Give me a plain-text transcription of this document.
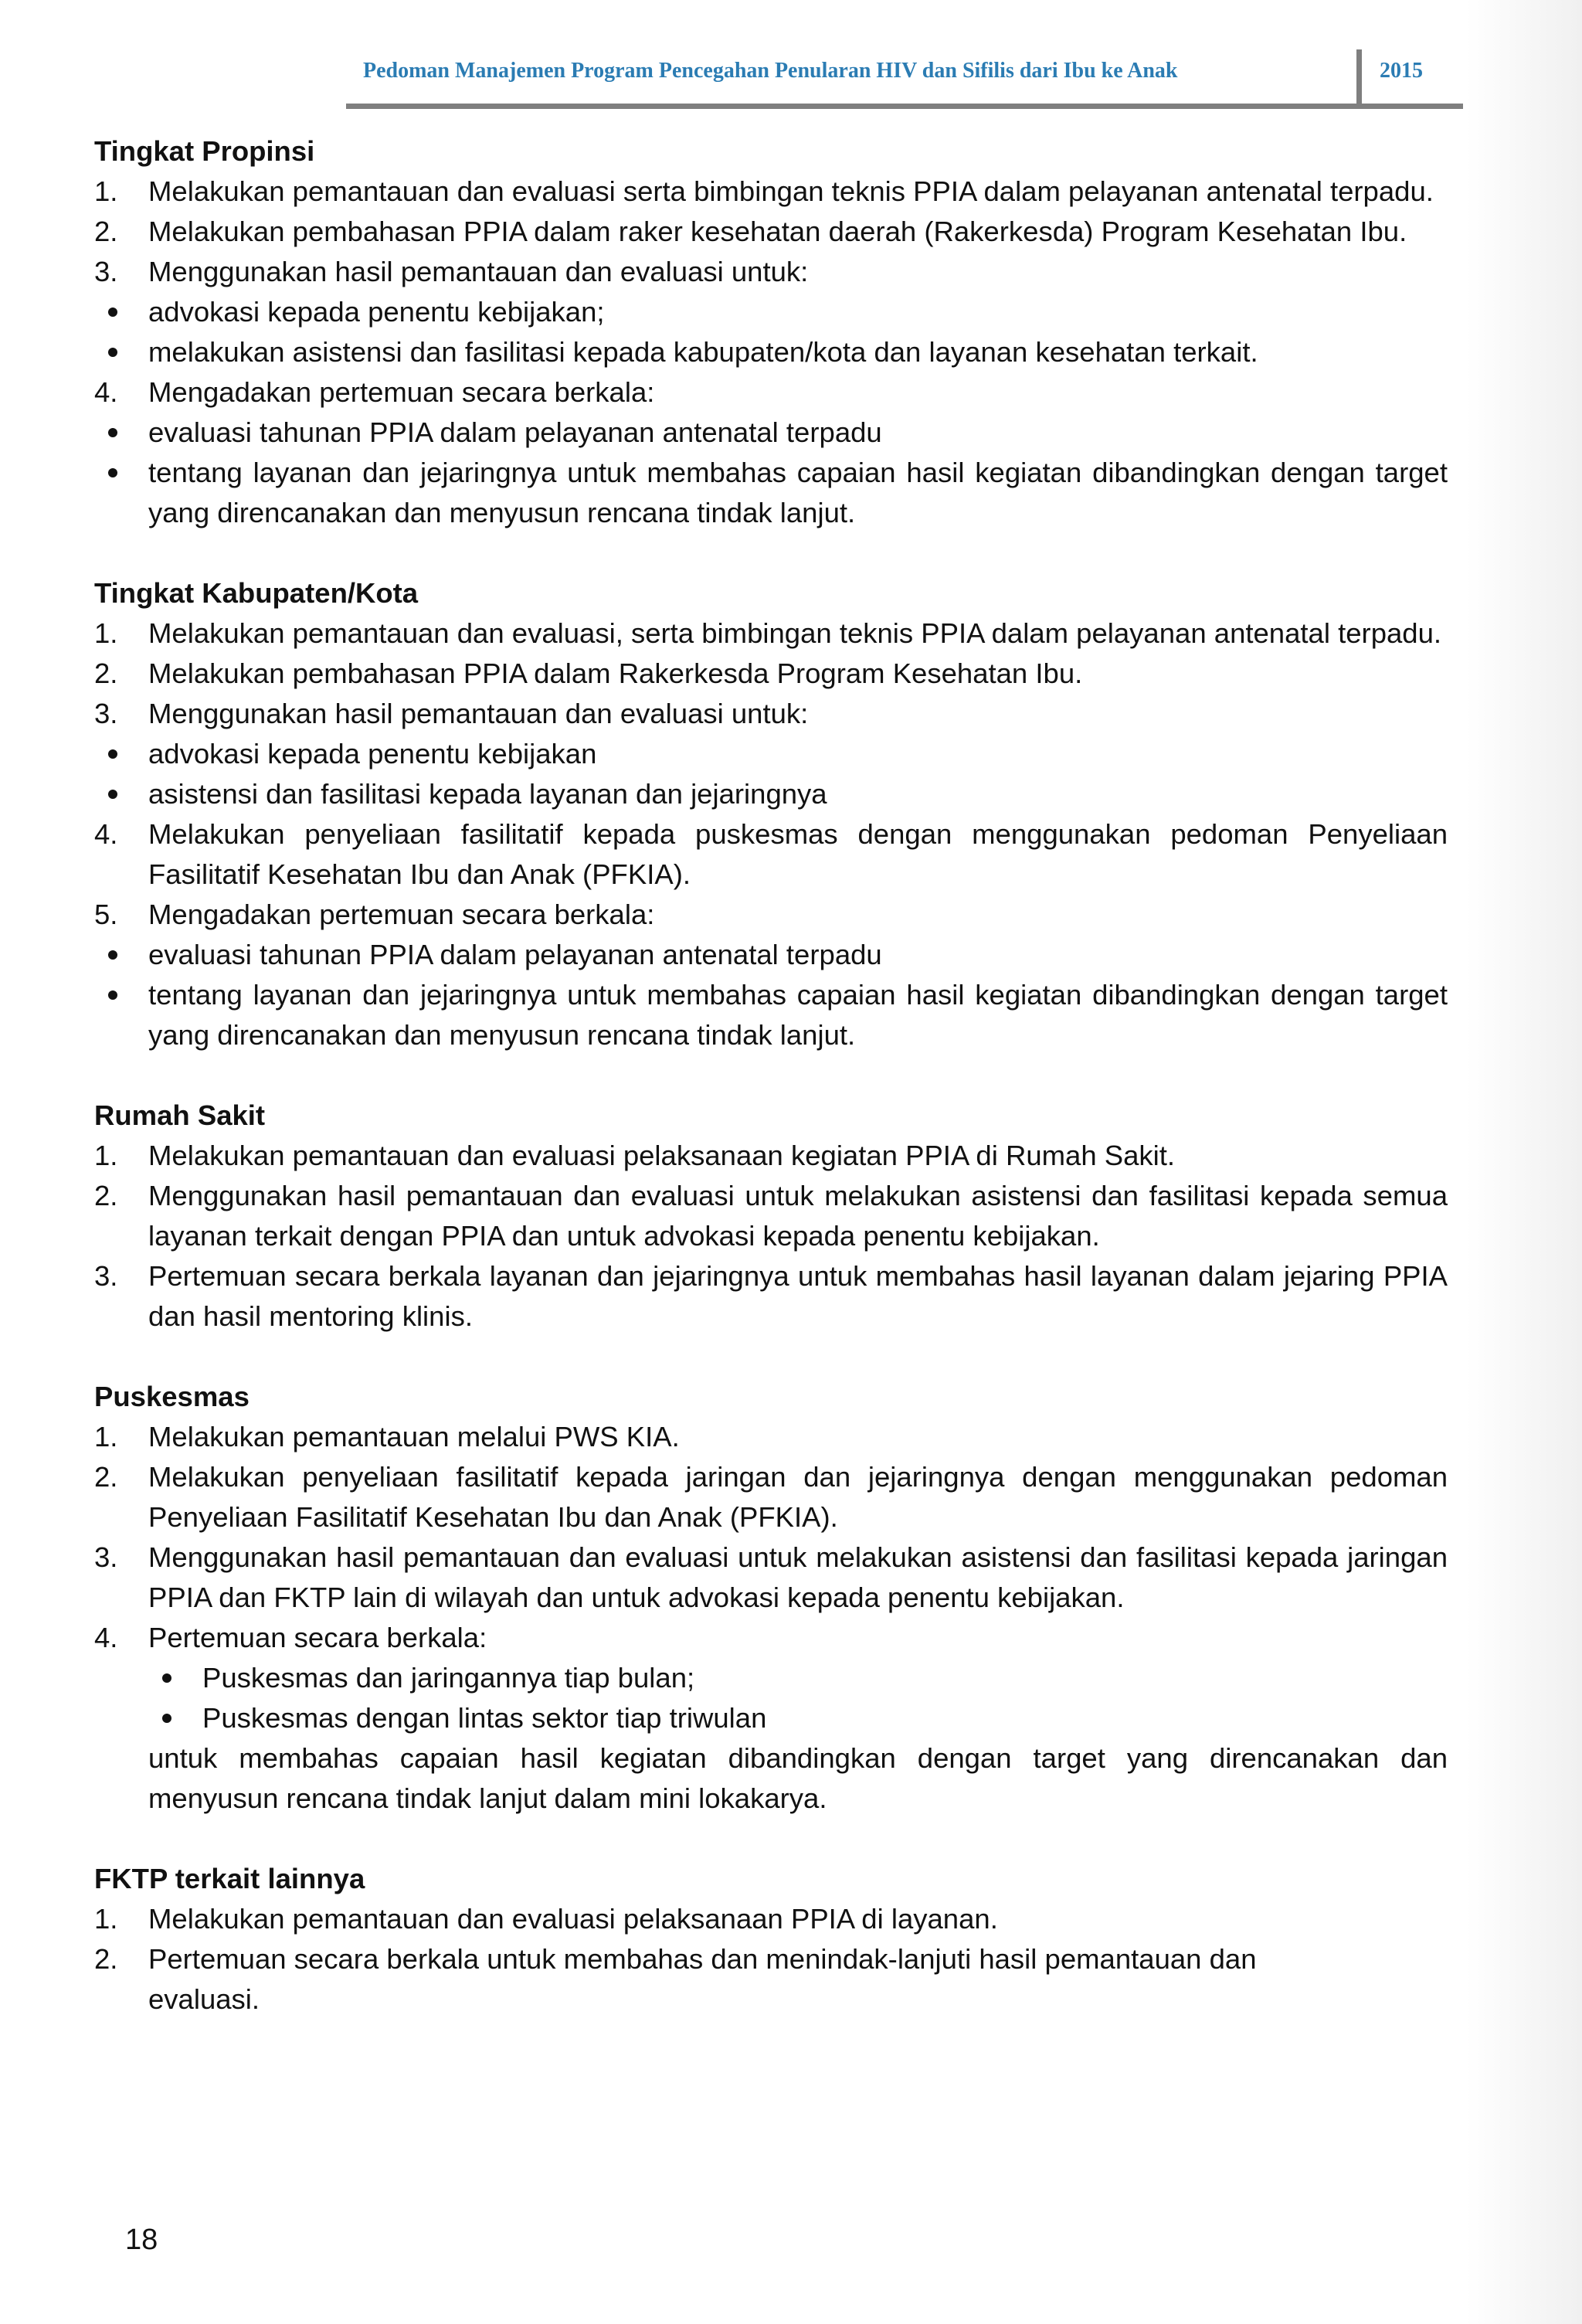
Pedoman Manajemen Program Pencegahan Penularan HIV dan Sifilis dari Ibu ke Anak	2015

Tingkat Propinsi

1. Melakukan pemantauan dan evaluasi serta bimbingan teknis PPIA dalam pelayanan antenatal terpadu.
2. Melakukan pembahasan PPIA dalam raker kesehatan daerah (Rakerkesda) Program Kesehatan Ibu.
3. Menggunakan hasil pemantauan dan evaluasi untuk:
advokasi kepada penentu kebijakan;
melakukan asistensi dan fasilitasi kepada kabupaten/kota dan layanan kesehatan terkait.
4. Mengadakan pertemuan secara berkala:
evaluasi tahunan PPIA dalam pelayanan antenatal terpadu
tentang layanan dan jejaringnya untuk membahas capaian hasil kegiatan dibandingkan dengan target yang direncanakan dan menyusun rencana tindak lanjut.

Tingkat Kabupaten/Kota

1. Melakukan pemantauan dan evaluasi, serta bimbingan teknis PPIA dalam pelayanan antenatal terpadu.
2. Melakukan pembahasan PPIA dalam Rakerkesda Program Kesehatan Ibu.
3. Menggunakan hasil pemantauan dan evaluasi untuk:
advokasi kepada penentu kebijakan
asistensi dan fasilitasi kepada layanan dan jejaringnya
4. Melakukan penyeliaan fasilitatif kepada puskesmas dengan menggunakan pedoman Penyeliaan Fasilitatif Kesehatan Ibu dan Anak (PFKIA).
5. Mengadakan pertemuan secara berkala:
evaluasi tahunan PPIA dalam pelayanan antenatal terpadu
tentang layanan dan jejaringnya untuk membahas capaian hasil kegiatan dibandingkan dengan target yang direncanakan dan menyusun rencana tindak lanjut.

Rumah Sakit

1. Melakukan pemantauan dan evaluasi pelaksanaan kegiatan PPIA di Rumah Sakit.
2. Menggunakan hasil pemantauan dan evaluasi untuk melakukan asistensi dan fasilitasi kepada semua layanan terkait dengan PPIA dan untuk advokasi kepada penentu kebijakan.
3. Pertemuan secara berkala layanan dan jejaringnya untuk membahas hasil layanan dalam jejaring PPIA dan hasil mentoring klinis.

Puskesmas

1. Melakukan pemantauan melalui PWS KIA.
2. Melakukan penyeliaan fasilitatif kepada jaringan dan jejaringnya dengan menggunakan pedoman Penyeliaan Fasilitatif Kesehatan Ibu dan Anak (PFKIA).
3. Menggunakan hasil pemantauan dan evaluasi untuk melakukan asistensi dan fasilitasi kepada jaringan PPIA dan FKTP lain di wilayah dan untuk advokasi kepada penentu kebijakan.
4. Pertemuan secara berkala:
Puskesmas dan jaringannya tiap bulan;
Puskesmas dengan lintas sektor tiap triwulan
untuk membahas capaian hasil kegiatan dibandingkan dengan target yang direncanakan dan menyusun rencana tindak lanjut dalam mini lokakarya.

FKTP terkait lainnya

1. Melakukan pemantauan dan evaluasi pelaksanaan PPIA di layanan.
2. Pertemuan secara berkala untuk membahas dan menindak-lanjuti hasil pemantauan dan evaluasi.
18
